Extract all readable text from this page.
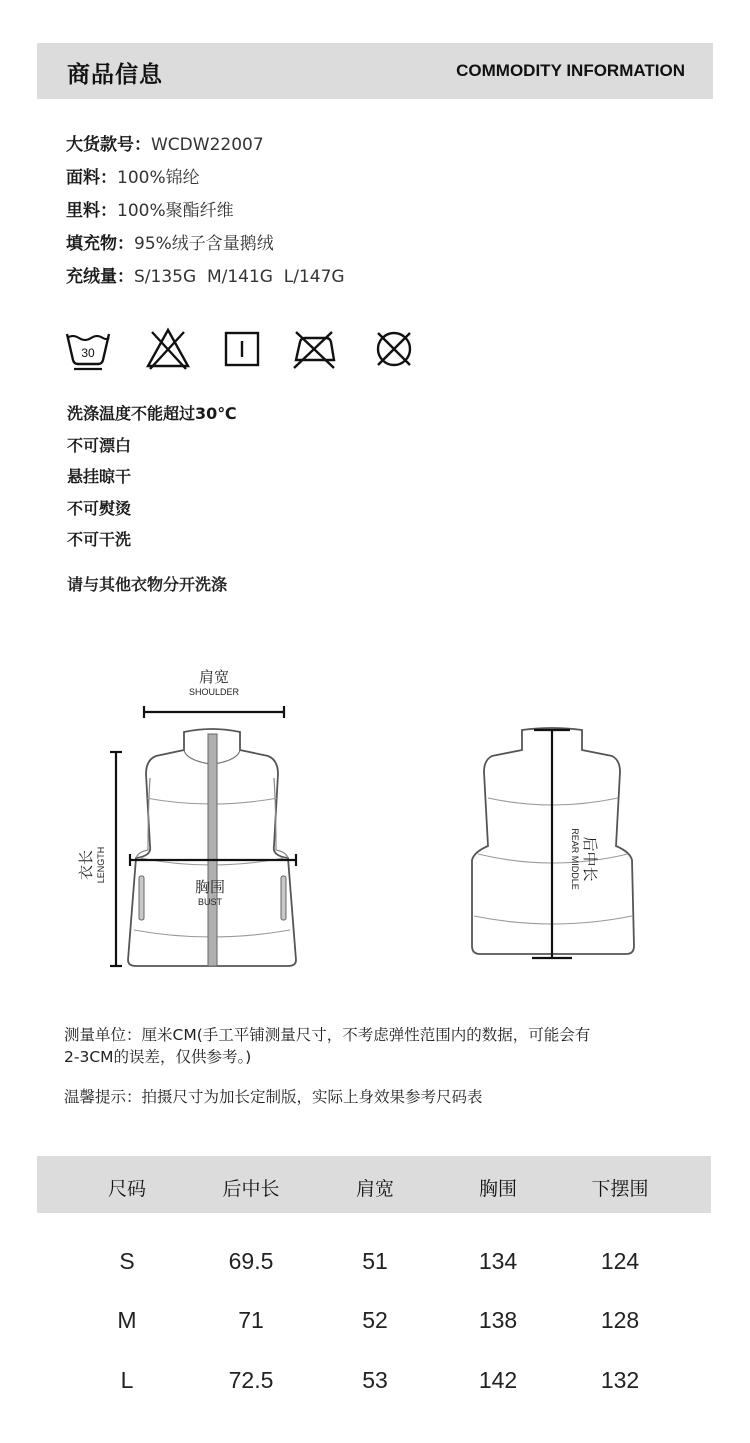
商品信息	COMMODITY INFORMATION
大货款号：WCDW22007
面料：100%锦纶
里料：100%聚酯纤维
填充物：95%绒子含量鹅绒
充绒量：S/135G  M/141G  L/147G
30
洗涤温度不能超过30℃
不可漂白
悬挂晾干
不可熨烫
不可干洗
请与其他衣物分开洗涤
肩宽
SHOULDER
衣长 LENGTH
胸围
BUST
后中长
REAR MIDDLE
测量单位：厘米CM(手工平铺测量尺寸，不考虑弹性范围内的数据，可能会有
2-3CM的误差，仅供参考。)
温馨提示：拍摄尺寸为加长定制版，实际上身效果参考尺码表
尺码	后中长	肩宽	胸围	下摆围
S	69.5	51	134	124
M	71	52	138	128
L	72.5	53	142	132
